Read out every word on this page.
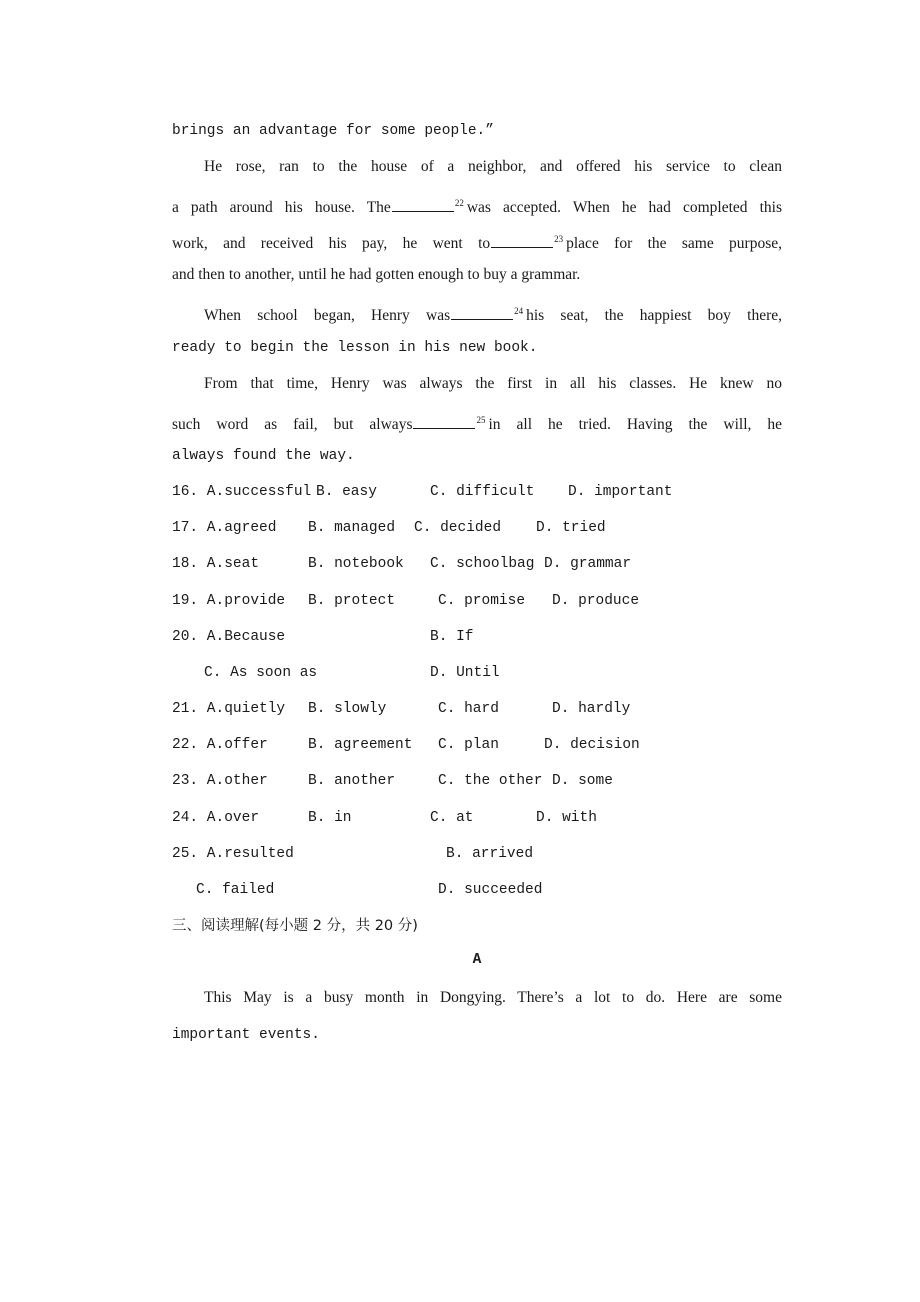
brings an advantage for some people.”
He rose, ran to the house of a neighbor, and offered his service to clean
a path around his house. The	$^{22}$ was accepted. When he had completed this
work, and received his pay, he went to	$^{23}$ place for the same purpose,
and then to another, until he had gotten enough to buy a grammar.
When school began, Henry was	$^{24}$ his seat, the happiest boy there,
ready to begin the lesson in his new book.
From that time, Henry was always the first in all his classes. He knew no
such word as fail, but always	$^{25}$ in all he tried. Having the will, he
always found the way.
16. A.successful B. easy	C. difficult D. important
17. A.agreed B. managed C. decided D. tried
18. A.seat	B. notebook C. schoolbag D. grammar
19. A.provide B. protect	C. promise D. produce
20. A.Because	B. If
C. As soon as	D. Until
21. A.quietly B. slowly	C. hard	D. hardly
22. A.offer	B. agreement C. plan	D. decision
23. A.other	B. another	C. the other D. some
24. A.over	B. in	C. at	D. with
25. A.resulted	B. arrived
C. failed	D. succeeded
三、阅读理解(每小题 2 分，共 20 分)
A
This May is a busy month in Dongying. There’s a lot to do. Here are some
important events.
